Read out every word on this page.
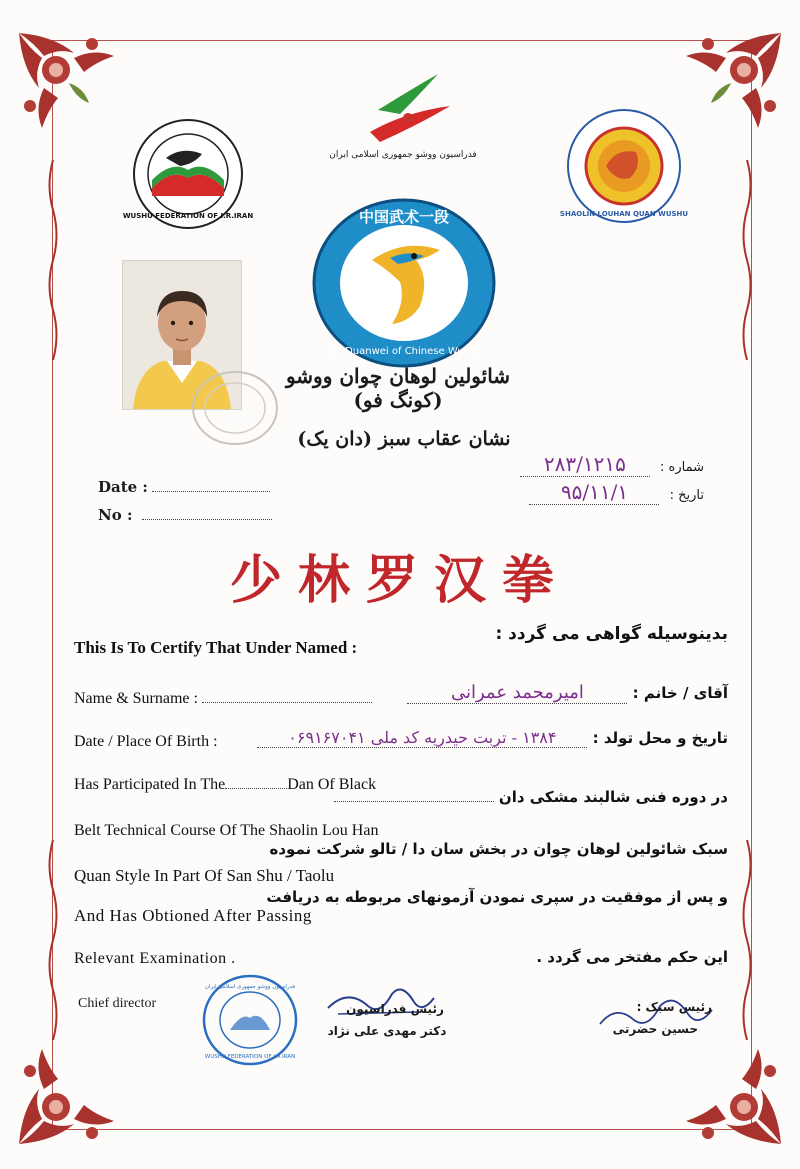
فدراسیون ووشو جمهوری اسلامی ایران
WUSHU FEDERATION OF I.R.IRAN	SHAOLIN LOUHAN QUAN WUSHU
中国武术一段
1st Duanwei of Chinese Wushu
شائولین لوهان چوان ووشو (کونگ فو)
نشان عقاب سبز (دان یک)
Date :
No :
شماره : ۲۸۳/۱۲۱۵
تاریخ : ۹۵/۱۱/۱
少林罗汉拳
This Is To Certify That Under Named :
بدینوسیله گواهی می گردد :
Name & Surname :	آقای / خانم : امیرمحمد عمرانی
Date / Place Of Birth :	تاریخ و محل تولد : ۱۳۸۴ - تربت حیدریه کد ملی ۰۶۹۱۶۷۰۴۱
Has Participated In The	Dan Of Black
Belt Technical Course Of The Shaolin Lou Han
Quan Style In Part Of San Shu / Taolu
And Has Obtioned After Passing
Relevant Examination .
در دوره فنی شالبند مشکی دان
سبک شائولین لوهان چوان در بخش سان دا / تالو شرکت نموده
و پس از موفقیت در سپری نمودن آزمونهای مربوطه به دریافت
این حکم مفتخر می گردد .
Chief director
WUSHU FEDERATION OF I.R.IRAN
فدراسیون ووشو جمهوری اسلامی ایران
رئیس فدراسیون
دکتر مهدی علی نژاد
رئیس سبک :
حسین حضرتی
